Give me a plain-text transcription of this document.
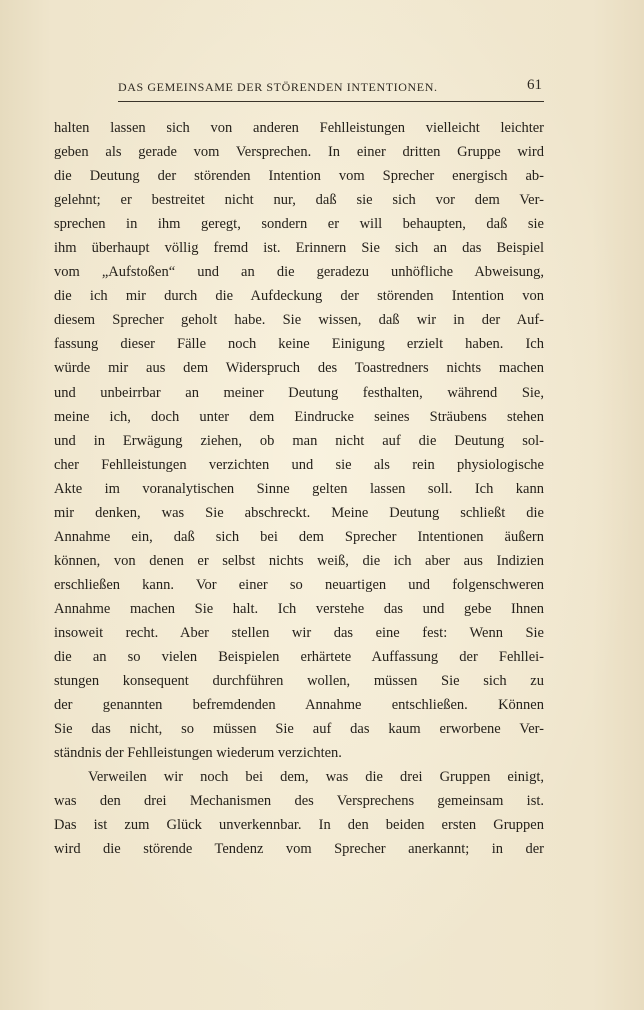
DAS GEMEINSAME DER STÖRENDEN INTENTIONEN.	61
halten lassen sich von anderen Fehlleistungen vielleicht leichter
geben als gerade vom Versprechen. In einer dritten Gruppe wird
die Deutung der störenden Intention vom Sprecher energisch ab-
gelehnt; er bestreitet nicht nur, daß sie sich vor dem Ver-
sprechen in ihm geregt, sondern er will behaupten, daß sie
ihm überhaupt völlig fremd ist. Erinnern Sie sich an das Beispiel
vom „Aufstoßen“ und an die geradezu unhöfliche Abweisung,
die ich mir durch die Aufdeckung der störenden Intention von
diesem Sprecher geholt habe. Sie wissen, daß wir in der Auf-
fassung dieser Fälle noch keine Einigung erzielt haben. Ich
würde mir aus dem Widerspruch des Toastredners nichts machen
und unbeirrbar an meiner Deutung festhalten, während Sie,
meine ich, doch unter dem Eindrucke seines Sträubens stehen
und in Erwägung ziehen, ob man nicht auf die Deutung sol-
cher Fehlleistungen verzichten und sie als rein physiologische
Akte im voranalytischen Sinne gelten lassen soll. Ich kann
mir denken, was Sie abschreckt. Meine Deutung schließt die
Annahme ein, daß sich bei dem Sprecher Intentionen äußern
können, von denen er selbst nichts weiß, die ich aber aus Indizien
erschließen kann. Vor einer so neuartigen und folgenschweren
Annahme machen Sie halt. Ich verstehe das und gebe Ihnen
insoweit recht. Aber stellen wir das eine fest: Wenn Sie
die an so vielen Beispielen erhärtete Auffassung der Fehllei-
stungen konsequent durchführen wollen, müssen Sie sich zu
der genannten befremdenden Annahme entschließen. Können
Sie das nicht, so müssen Sie auf das kaum erworbene Ver-
ständnis der Fehlleistungen wiederum verzichten.
Verweilen wir noch bei dem, was die drei Gruppen einigt,
was den drei Mechanismen des Versprechens gemeinsam ist.
Das ist zum Glück unverkennbar. In den beiden ersten Gruppen
wird die störende Tendenz vom Sprecher anerkannt; in der
